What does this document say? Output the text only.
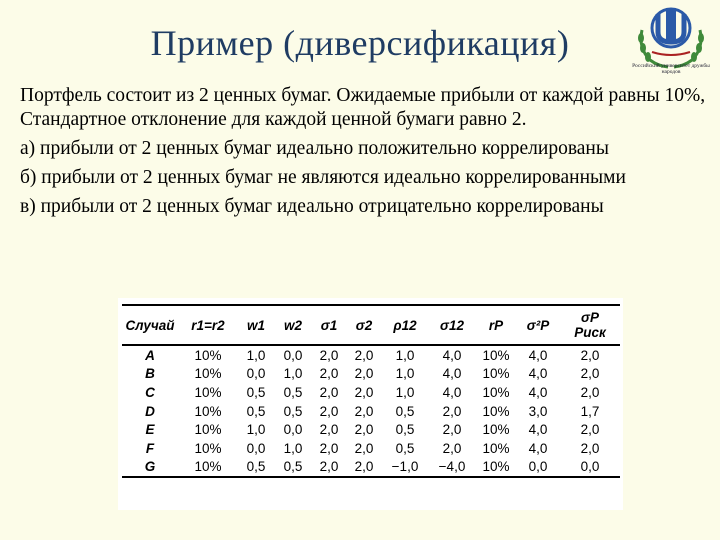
Пример (диверсификация)
Российский университет дружбы народов

Портфель состоит из 2 ценных бумаг. Ожидаемые прибыли от каждой равны 10%, Стандартное отклонение для каждой ценной бумаги равно 2.

а) прибыли от 2 ценных бумаг идеально положительно коррелированы

б) прибыли от 2 ценных бумаг не являются идеально коррелированными

в) прибыли от 2 ценных бумаг идеально отрицательно коррелированы

Случай	r1=r2	w1	w2	σ1	σ2	ρ12	σ12	rP	σ²P	σP
Риск

A	10%	1,0	0,0	2,0	2,0	1,0	4,0	10%	4,0	2,0
B	10%	0,0	1,0	2,0	2,0	1,0	4,0	10%	4,0	2,0
C	10%	0,5	0,5	2,0	2,0	1,0	4,0	10%	4,0	2,0
D	10%	0,5	0,5	2,0	2,0	0,5	2,0	10%	3,0	1,7
E	10%	1,0	0,0	2,0	2,0	0,5	2,0	10%	4,0	2,0
F	10%	0,0	1,0	2,0	2,0	0,5	2,0	10%	4,0	2,0
G	10%	0,5	0,5	2,0	2,0	−1,0	−4,0	10%	0,0	0,0
